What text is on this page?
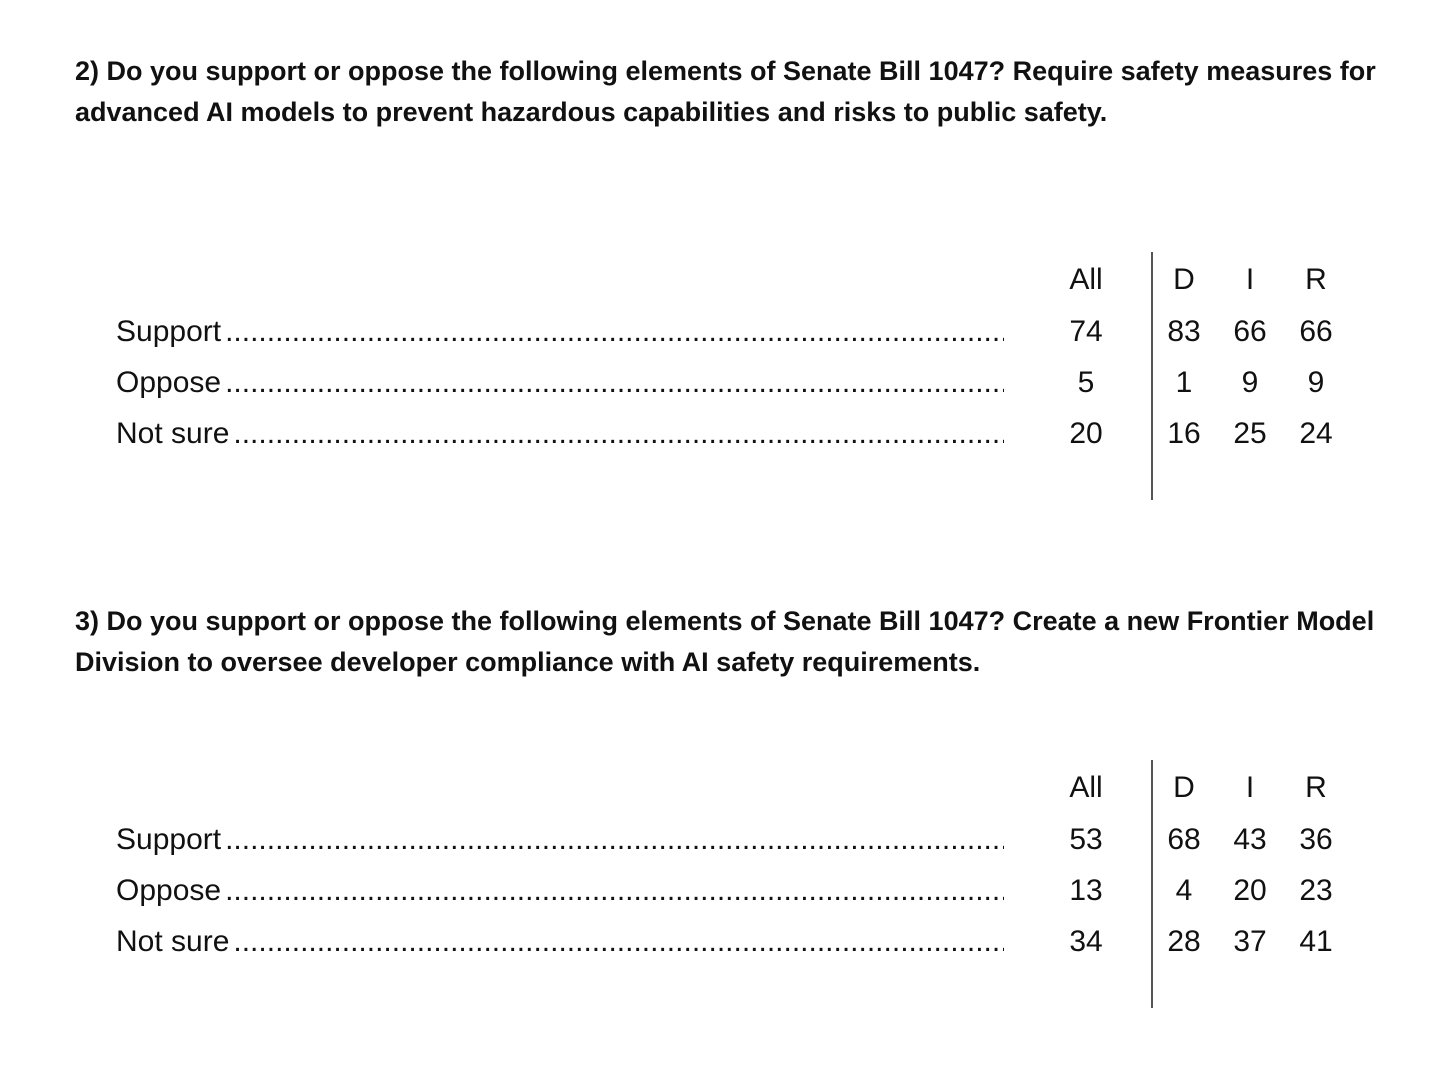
2) Do you support or oppose the following elements of Senate Bill 1047? Require safety measures for advanced AI models to prevent hazardous capabilities and risks to public safety.

All	D	I	R
Support .....	74	83	66	66
Oppose .....	5	1	9	9
Not sure .....	20	16	25	24

3) Do you support or oppose the following elements of Senate Bill 1047? Create a new Frontier Model Division to oversee developer compliance with AI safety requirements.

All	D	I	R
Support .....	53	68	43	36
Oppose .....	13	4	20	23
Not sure .....	34	28	37	41
